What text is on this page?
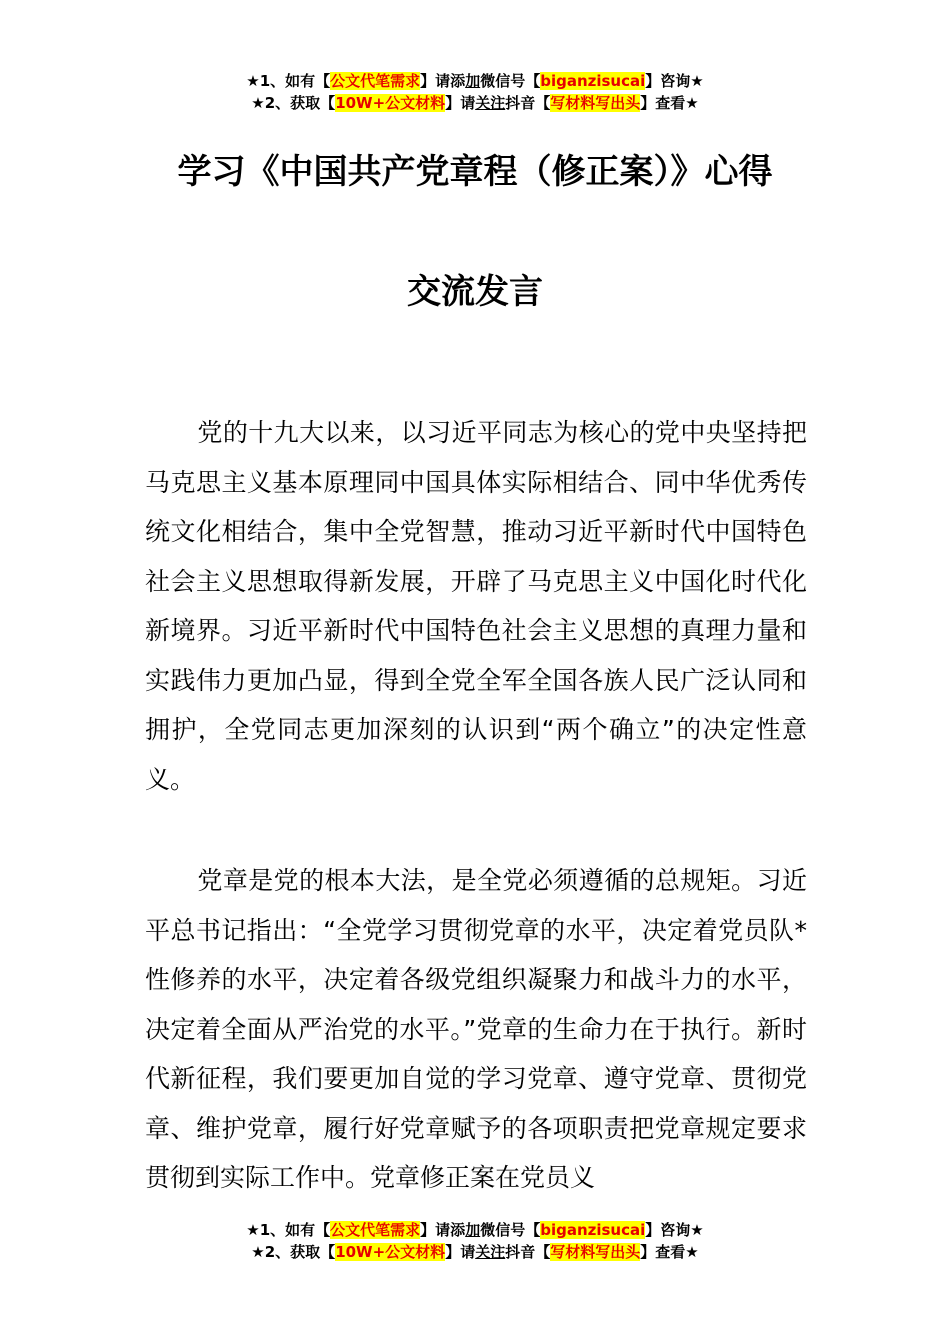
★1、如有【公文代笔需求】请添加微信号【biganzisucai】咨询★
★2、获取【10W+公文材料】请关注抖音【写材料写出头】查看★
学习《中国共产党章程（修正案）》心得
交流发言

党的十九大以来，以习近平同志为核心的党中央坚持把马克思主义基本原理同中国具体实际相结合、同中华优秀传统文化相结合，集中全党智慧，推动习近平新时代中国特色社会主义思想取得新发展，开辟了马克思主义中国化时代化新境界。习近平新时代中国特色社会主义思想的真理力量和实践伟力更加凸显，得到全党全军全国各族人民广泛认同和拥护，全党同志更加深刻的认识到“两个确立”的决定性意义。

党章是党的根本大法，是全党必须遵循的总规矩。习近平总书记指出：“全党学习贯彻党章的水平，决定着党员队*性修养的水平，决定着各级党组织凝聚力和战斗力的水平，决定着全面从严治党的水平。”党章的生命力在于执行。新时代新征程，我们要更加自觉的学习党章、遵守党章、贯彻党章、维护党章，履行好党章赋予的各项职责把党章规定要求贯彻到实际工作中。党章修正案在党员义

★1、如有【公文代笔需求】请添加微信号【biganzisucai】咨询★
★2、获取【10W+公文材料】请关注抖音【写材料写出头】查看★
